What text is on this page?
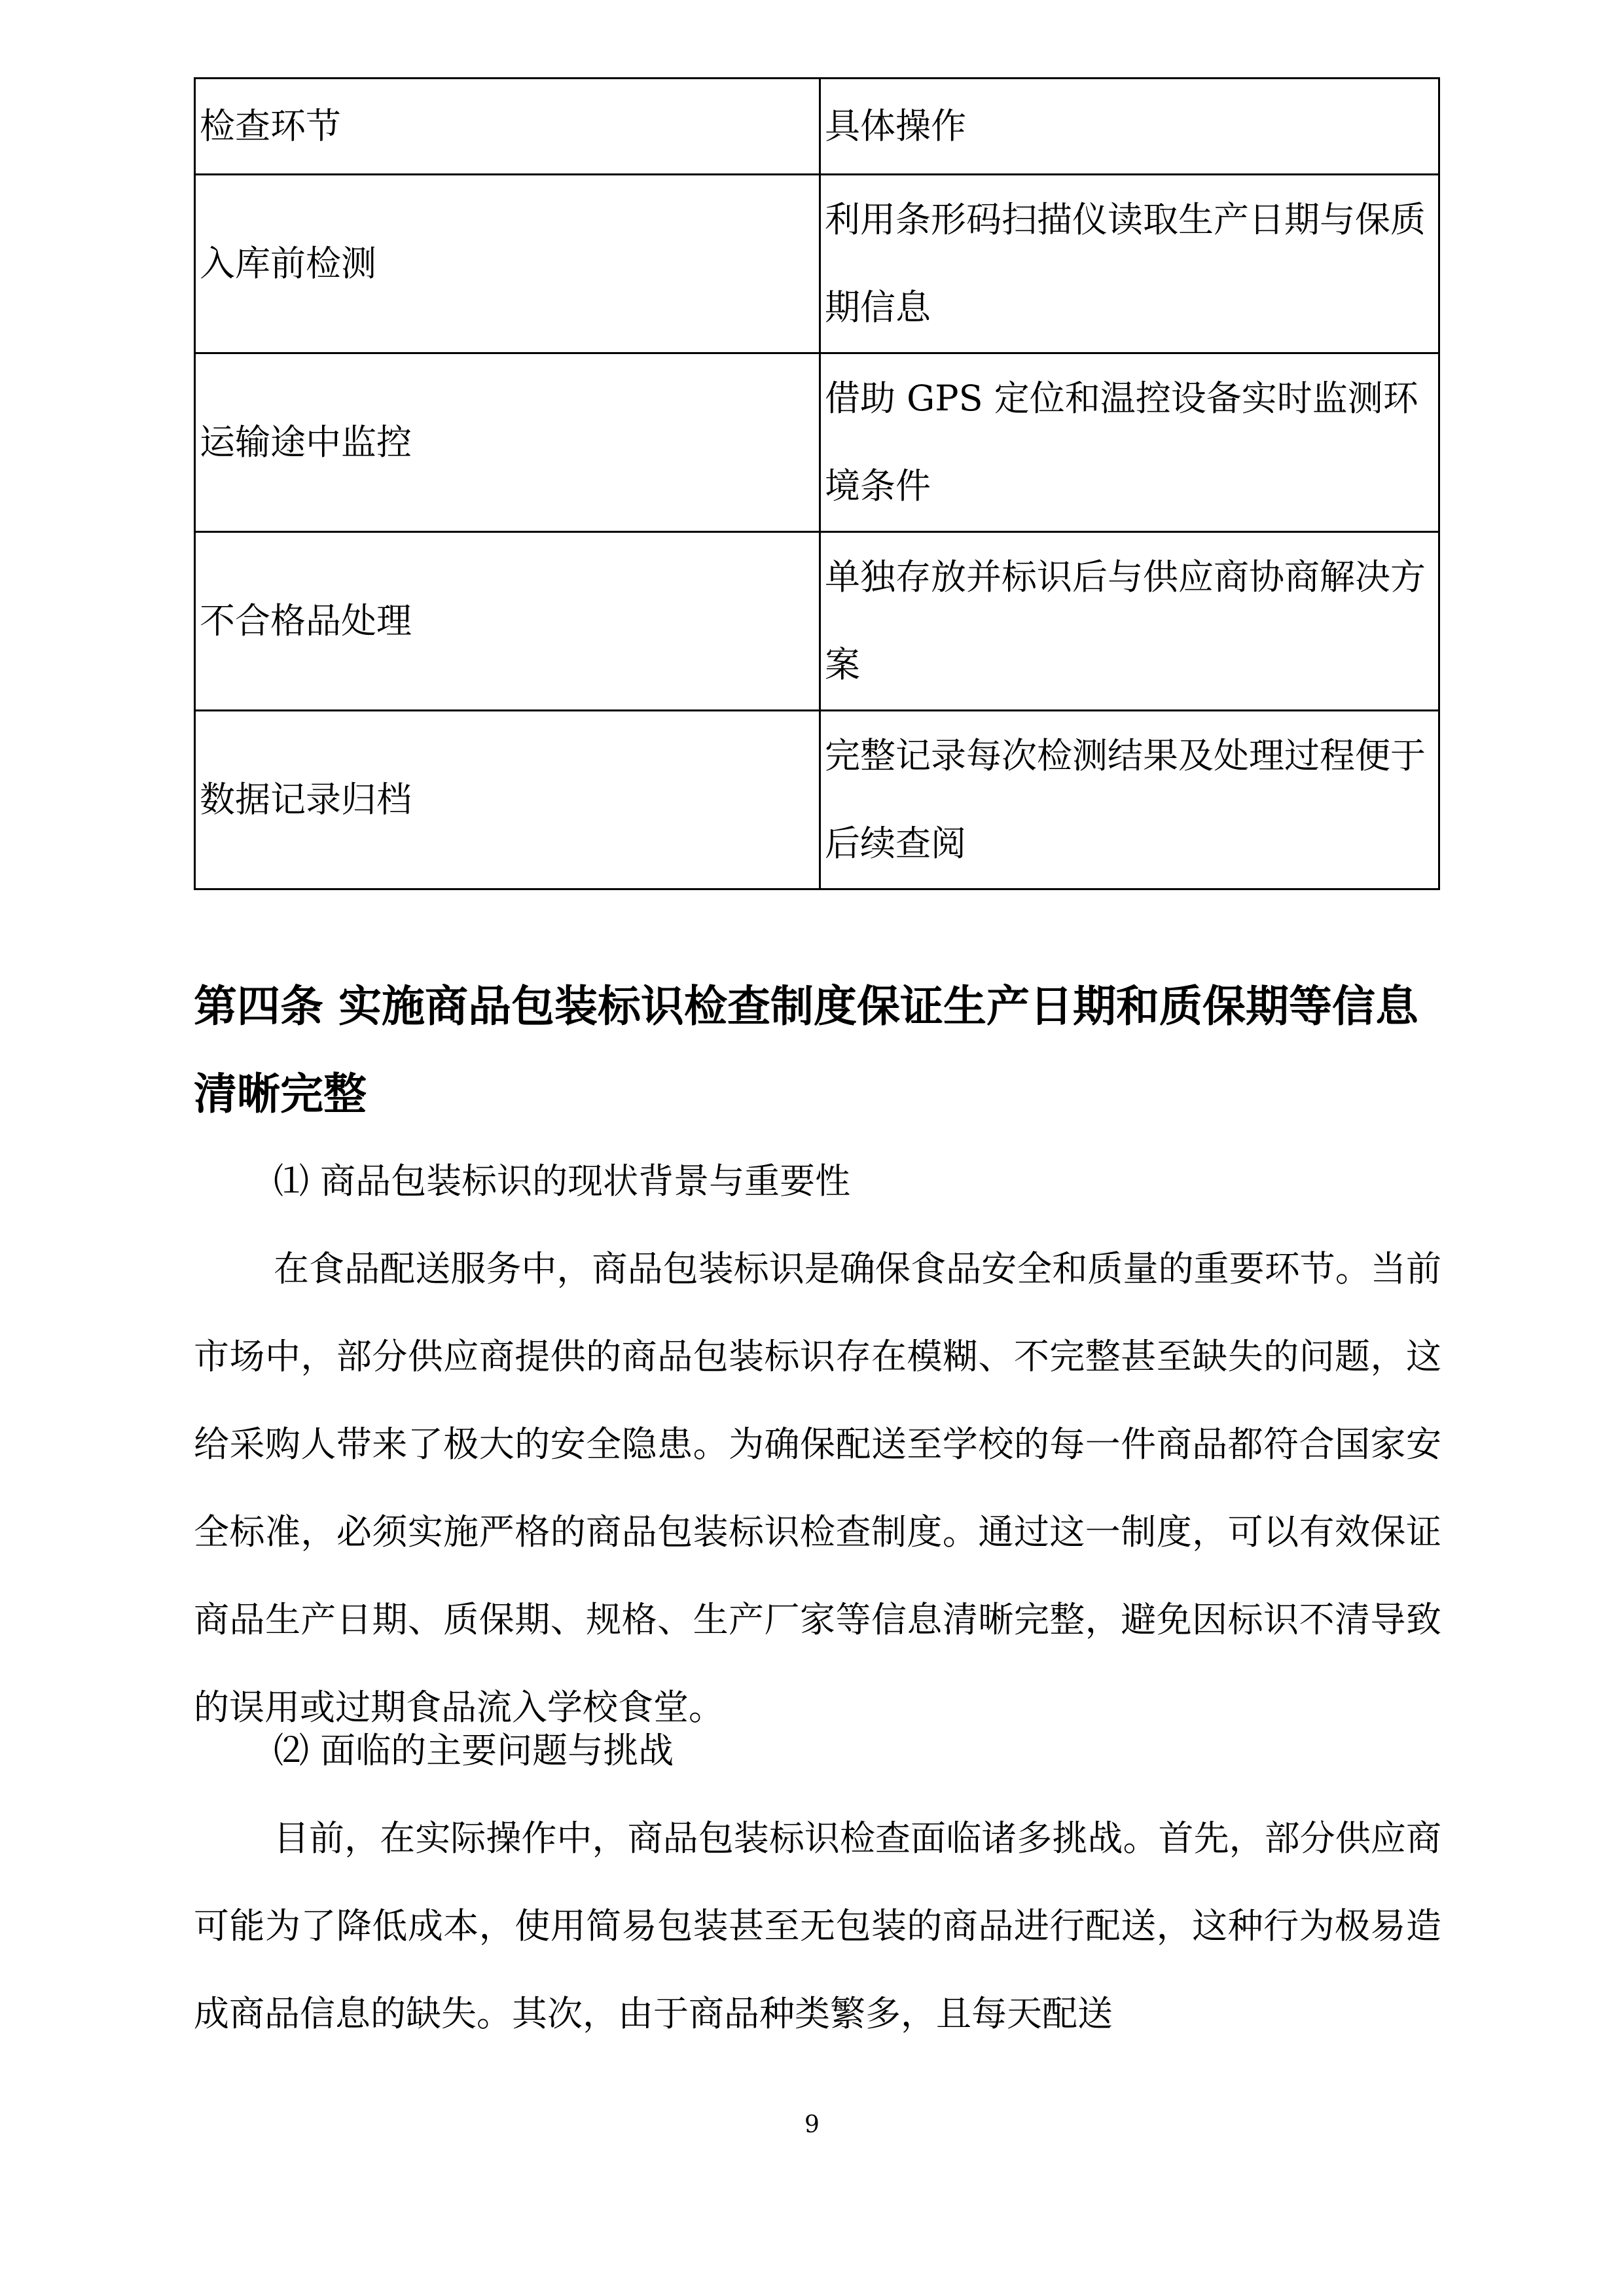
检查环节	具体操作
入库前检测	利用条形码扫描仪读取生产日期与保质期信息
运输途中监控	借助 GPS 定位和温控设备实时监测环境条件
不合格品处理	单独存放并标识后与供应商协商解决方案
数据记录归档	完整记录每次检测结果及处理过程便于后续查阅
第四条 实施商品包装标识检查制度保证生产日期和质保期等信息清晰完整

⑴ 商品包装标识的现状背景与重要性

在食品配送服务中，商品包装标识是确保食品安全和质量的重要环节。当前市场中，部分供应商提供的商品包装标识存在模糊、不完整甚至缺失的问题，这给采购人带来了极大的安全隐患。为确保配送至学校的每一件商品都符合国家安全标准，必须实施严格的商品包装标识检查制度。通过这一制度，可以有效保证商品生产日期、质保期、规格、生产厂家等信息清晰完整，避免因标识不清导致的误用或过期食品流入学校食堂。

⑵ 面临的主要问题与挑战

目前，在实际操作中，商品包装标识检查面临诸多挑战。首先，部分供应商可能为了降低成本，使用简易包装甚至无包装的商品进行配送，这种行为极易造成商品信息的缺失。其次，由于商品种类繁多，且每天配送

9
